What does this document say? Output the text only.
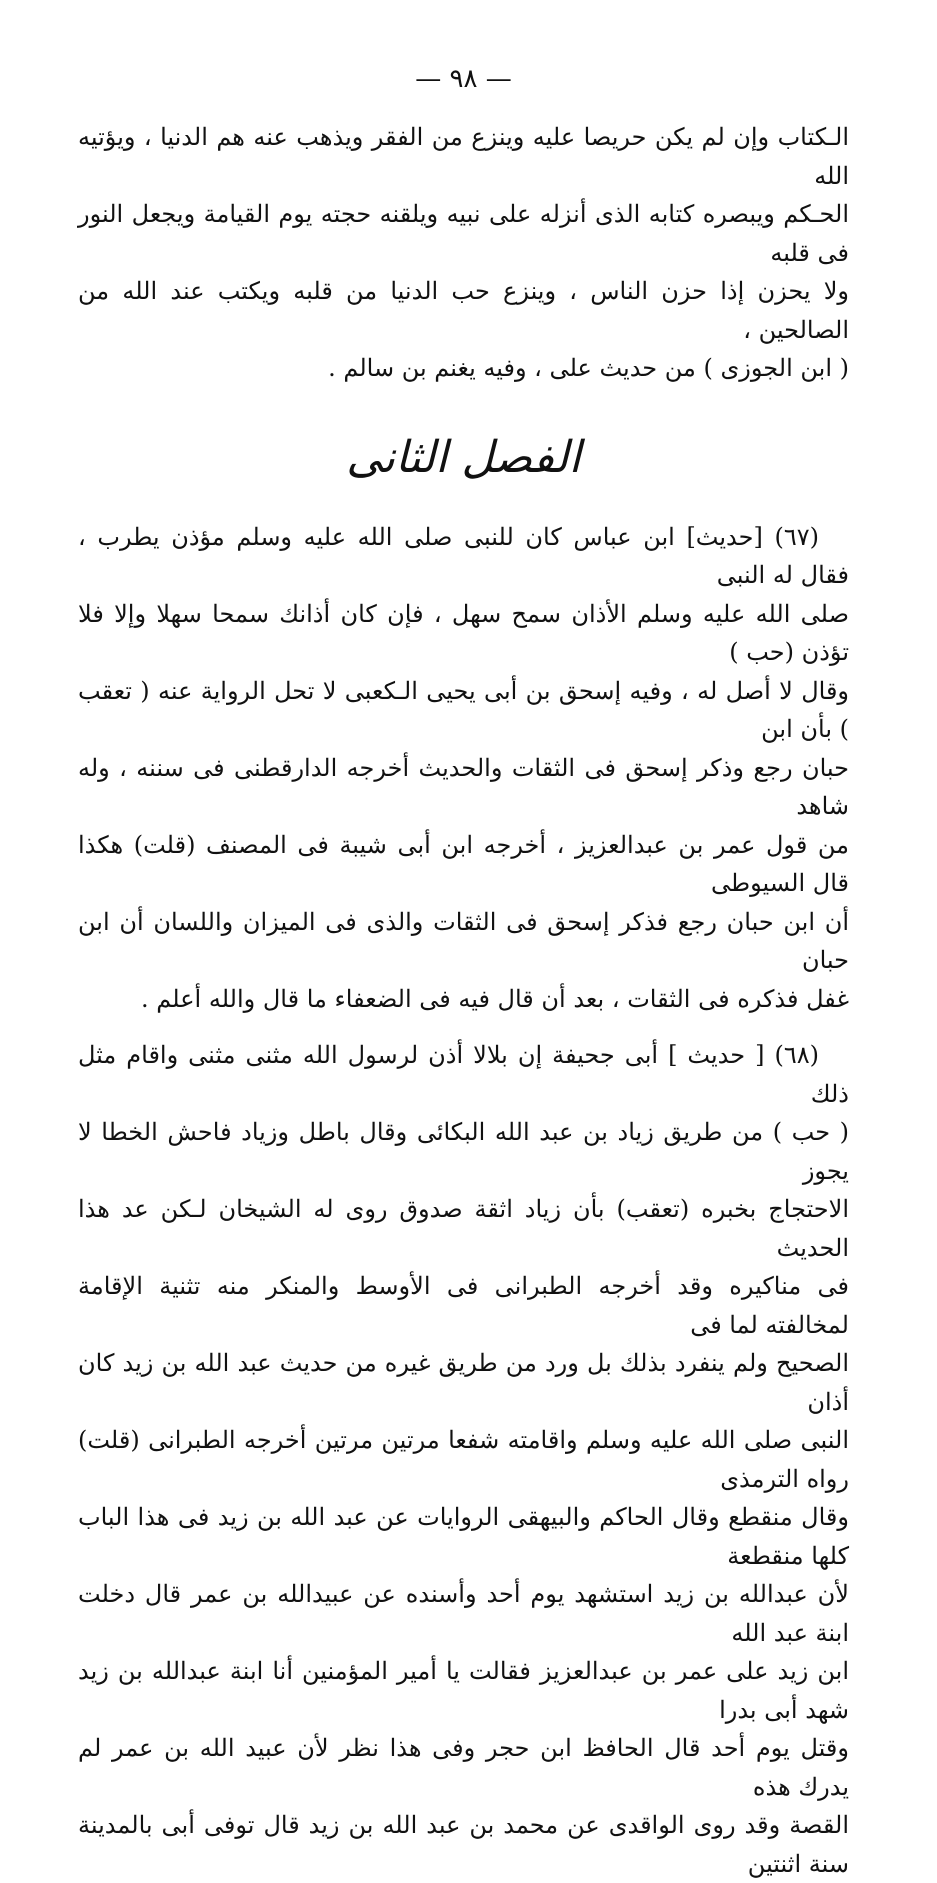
— ٩٨ —

الـكتاب وإن لم يكن حريصا عليه وينزع من الفقر ويذهب عنه هم الدنيا ، ويؤتيه الله

الحـكم ويبصره كتابه الذى أنزله على نبيه ويلقنه حجته يوم القيامة ويجعل النور فى قلبه

ولا يحزن إذا حزن الناس ، وينزع حب الدنيا من قلبه ويكتب عند الله من الصالحين ،

( ابن الجوزى ) من حديث على ، وفيه يغنم بن سالم .

الفصل الثانى

(٦٧) [حديث] ابن عباس كان للنبى صلى الله عليه وسلم مؤذن يطرب ، فقال له النبى

صلى الله عليه وسلم الأذان سمح سهل ، فإن كان أذانك سمحا سهلا وإلا فلا تؤذن (حب )

وقال لا أصل له ، وفيه إسحق بن أبى يحيى الـكعبى لا تحل الرواية عنه ( تعقب ) بأن ابن

حبان رجع وذكر إسحق فى الثقات والحديث أخرجه الدارقطنى فى سننه ، وله شاهد

من قول عمر بن عبدالعزيز ، أخرجه ابن أبى شيبة فى المصنف (قلت) هكذا قال السيوطى

أن ابن حبان رجع فذكر إسحق فى الثقات والذى فى الميزان واللسان أن ابن حبان

غفل فذكره فى الثقات ، بعد أن قال فيه فى الضعفاء ما قال والله أعلم .

(٦٨) [ حديث ] أبى جحيفة إن بلالا أذن لرسول الله مثنى مثنى واقام مثل ذلك

( حب ) من طريق زياد بن عبد الله البكائى وقال باطل وزياد فاحش الخطا لا يجوز

الاحتجاج بخبره (تعقب) بأن زياد اثقة صدوق روى له الشيخان لـكن عد هذا الحديث

فى مناكيره وقد أخرجه الطبرانى فى الأوسط والمنكر منه تثنية الإقامة لمخالفته لما فى

الصحيح ولم ينفرد بذلك بل ورد من طريق غيره من حديث عبد الله بن زيد كان أذان

النبى صلى الله عليه وسلم واقامته شفعا مرتين مرتين أخرجه الطبرانى (قلت) رواه الترمذى

وقال منقطع وقال الحاكم والبيهقى الروايات عن عبد الله بن زيد فى هذا الباب كلها منقطعة

لأن عبدالله بن زيد استشهد يوم أحد وأسنده عن عبيدالله بن عمر قال دخلت ابنة عبد الله

ابن زيد على عمر بن عبدالعزيز فقالت يا أمير المؤمنين أنا ابنة عبدالله بن زيد شهد أبى بدرا

وقتل يوم أحد قال الحافظ ابن حجر وفى هذا نظر لأن عبيد الله بن عمر لم يدرك هذه

القصة وقد روى الواقدى عن محمد بن عبد الله بن زيد قال توفى أبى بالمدينة سنة اثنتين
